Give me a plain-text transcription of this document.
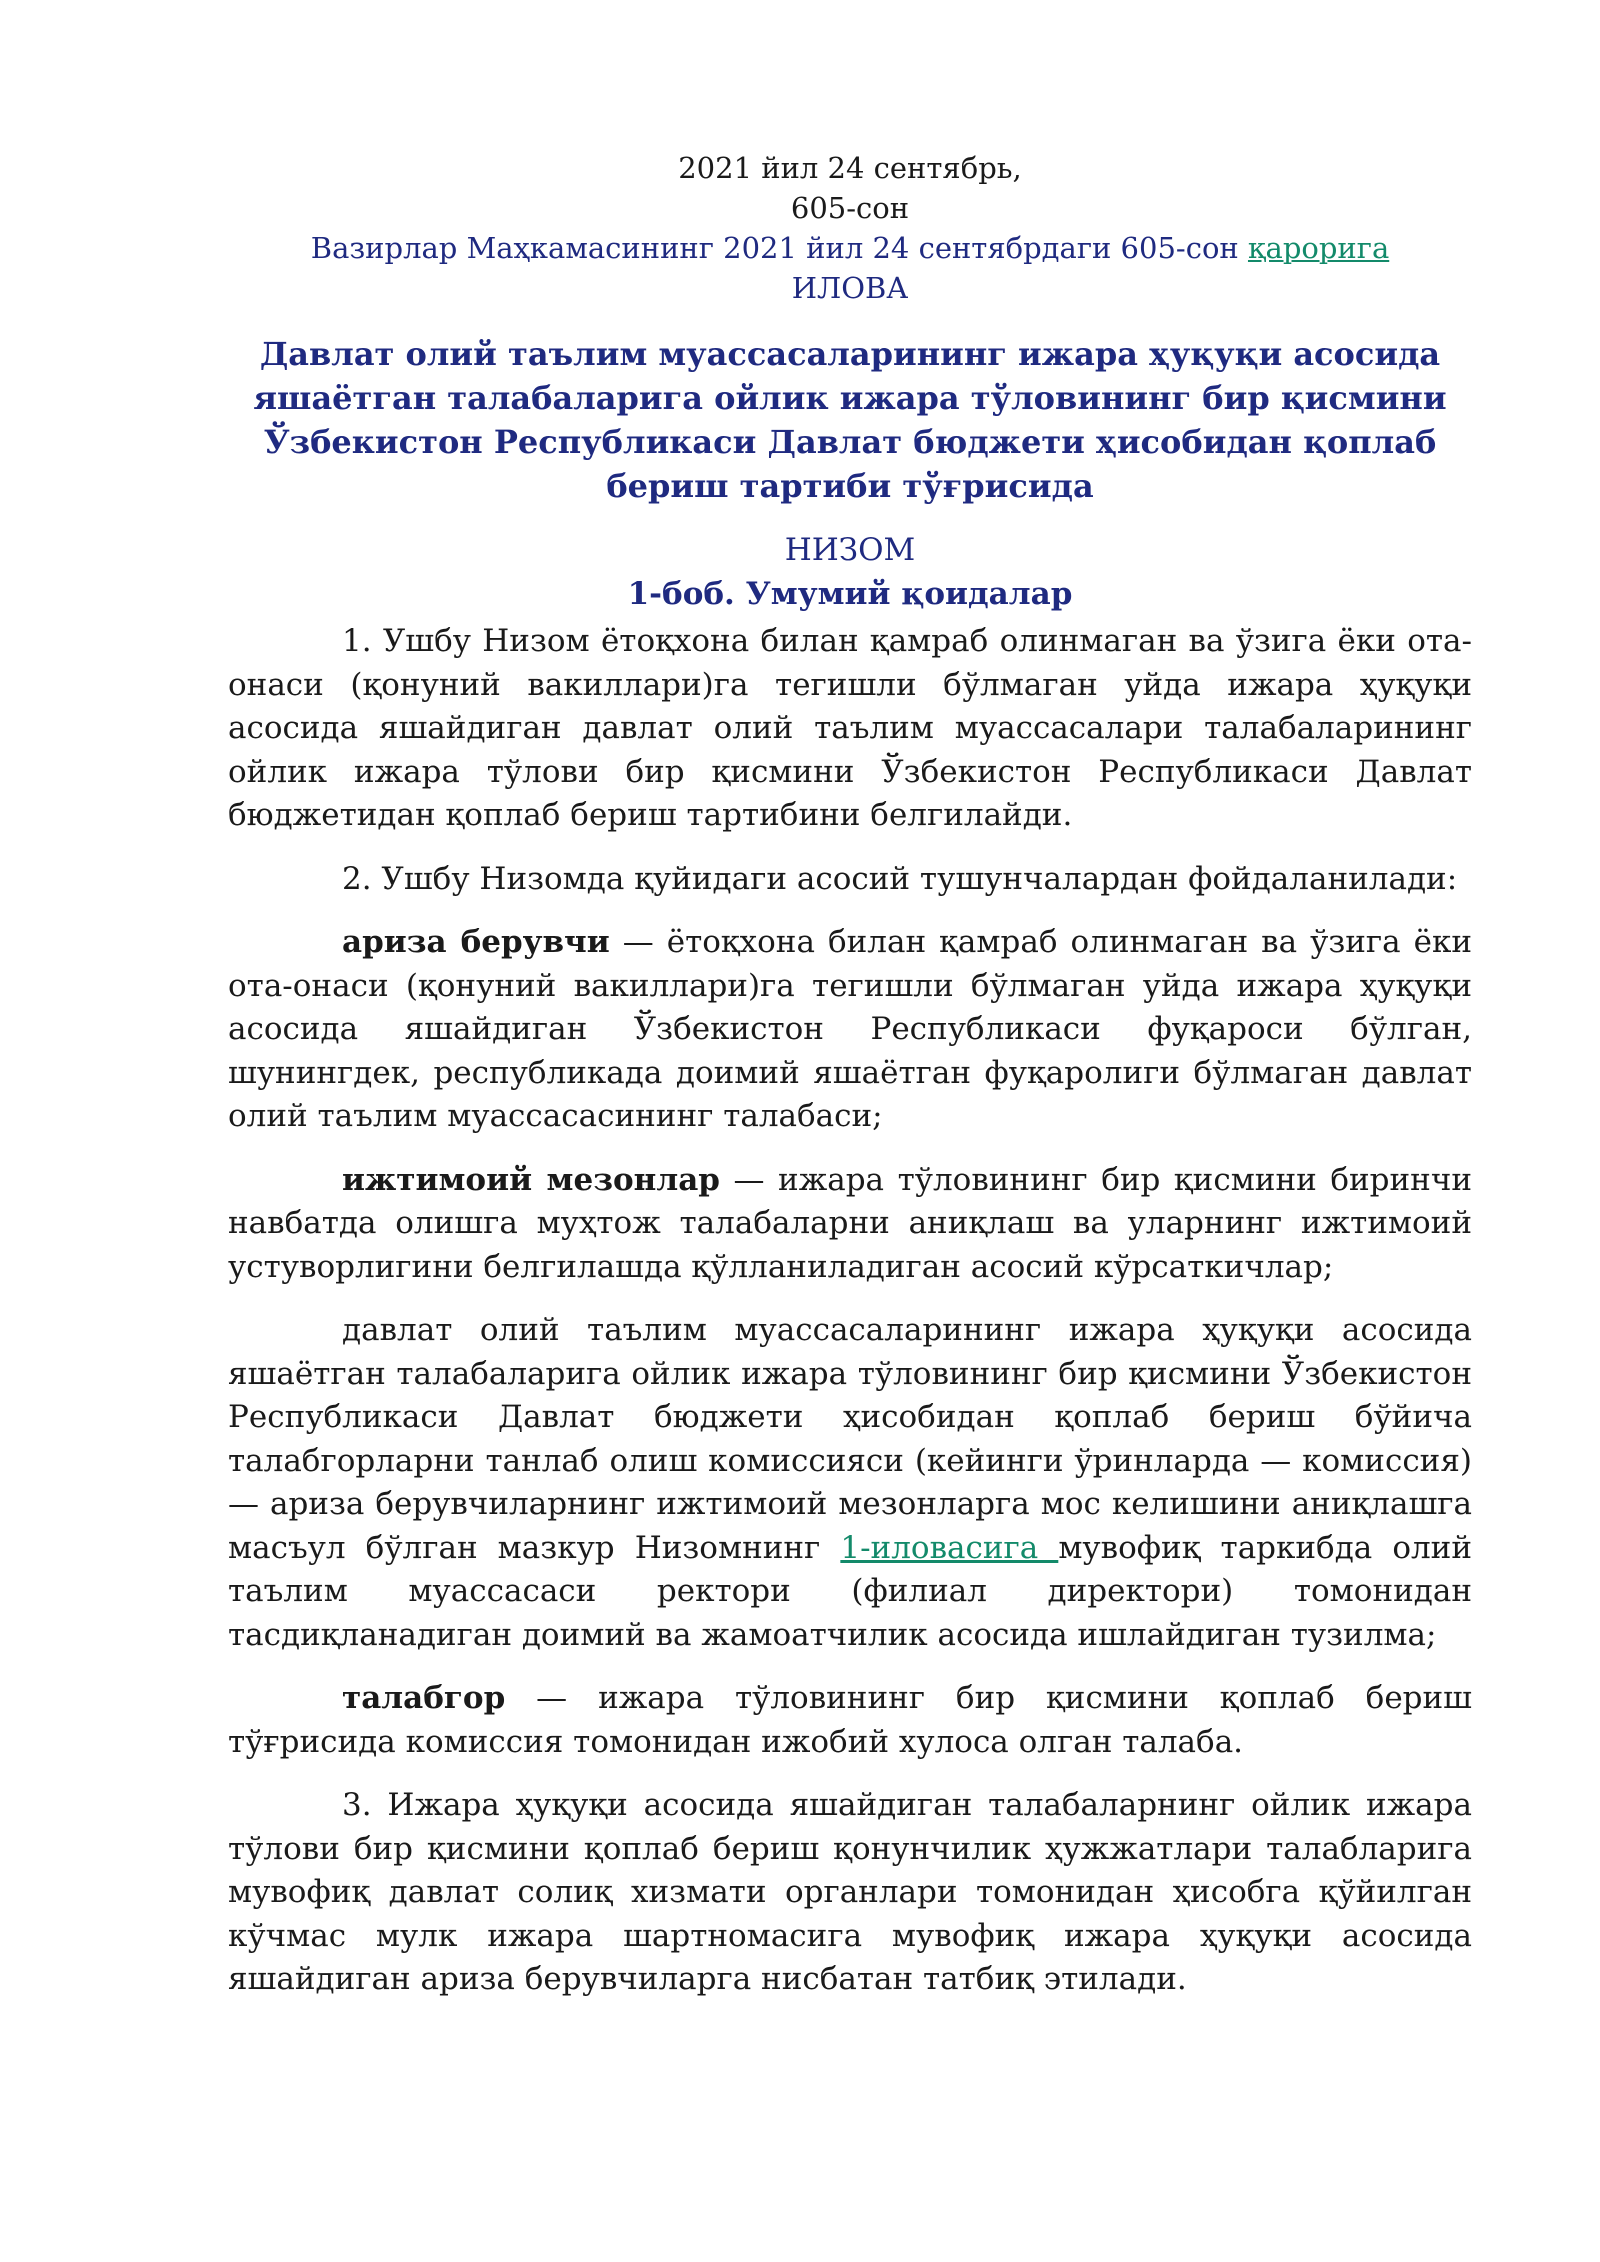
2021 йил 24 сентябрь,
605-сон
Вазирлар Маҳкамасининг 2021 йил 24 сентябрдаги 605-сон қарорига
ИЛОВА
Давлат олий таълим муассасаларининг ижара ҳуқуқи асосида яшаётган талабаларига ойлик ижара тўловининг бир қисмини Ўзбекистон Республикаси Давлат бюджети ҳисобидан қоплаб бериш тартиби тўғрисида
НИЗОМ
1-боб. Умумий қоидалар

1. Ушбу Низом ётоқхона билан қамраб олинмаган ва ўзига ёки ота-онаси (қонуний вакиллари)га тегишли бўлмаган уйда ижара ҳуқуқи асосида яшайдиган давлат олий таълим муассасалари талабаларининг ойлик ижара тўлови бир қисмини Ўзбекистон Республикаси Давлат бюджетидан қоплаб бериш тартибини белгилайди.

2. Ушбу Низомда қуйидаги асосий тушунчалардан фойдаланилади:

ариза берувчи — ётоқхона билан қамраб олинмаган ва ўзига ёки ота-онаси (қонуний вакиллари)га тегишли бўлмаган уйда ижара ҳуқуқи асосида яшайдиган Ўзбекистон Республикаси фуқароси бўлган, шунингдек, республикада доимий яшаётган фуқаролиги бўлмаган давлат олий таълим муассасасининг талабаси;

ижтимоий мезонлар — ижара тўловининг бир қисмини биринчи навбатда олишга муҳтож талабаларни аниқлаш ва уларнинг ижтимоий устуворлигини белгилашда қўлланиладиган асосий кўрсаткичлар;

давлат олий таълим муассасаларининг ижара ҳуқуқи асосида яшаётган талабаларига ойлик ижара тўловининг бир қисмини Ўзбекистон Республикаси Давлат бюджети ҳисобидан қоплаб бериш бўйича талабгорларни танлаб олиш комиссияси (кейинги ўринларда — комиссия) — ариза берувчиларнинг ижтимоий мезонларга мос келишини аниқлашга масъул бўлган мазкур Низомнинг 1-иловасига мувофиқ таркибда олий таълим муассасаси ректори (филиал директори) томонидан тасдиқланадиган доимий ва жамоатчилик асосида ишлайдиган тузилма;

талабгор — ижара тўловининг бир қисмини қоплаб бериш тўғрисида комиссия томонидан ижобий хулоса олган талаба.

3. Ижара ҳуқуқи асосида яшайдиган талабаларнинг ойлик ижара тўлови бир қисмини қоплаб бериш қонунчилик ҳужжатлари талабларига мувофиқ давлат солиқ хизмати органлари томонидан ҳисобга қўйилган кўчмас мулк ижара шартномасига мувофиқ ижара ҳуқуқи асосида яшайдиган ариза берувчиларга нисбатан татбиқ этилади.
